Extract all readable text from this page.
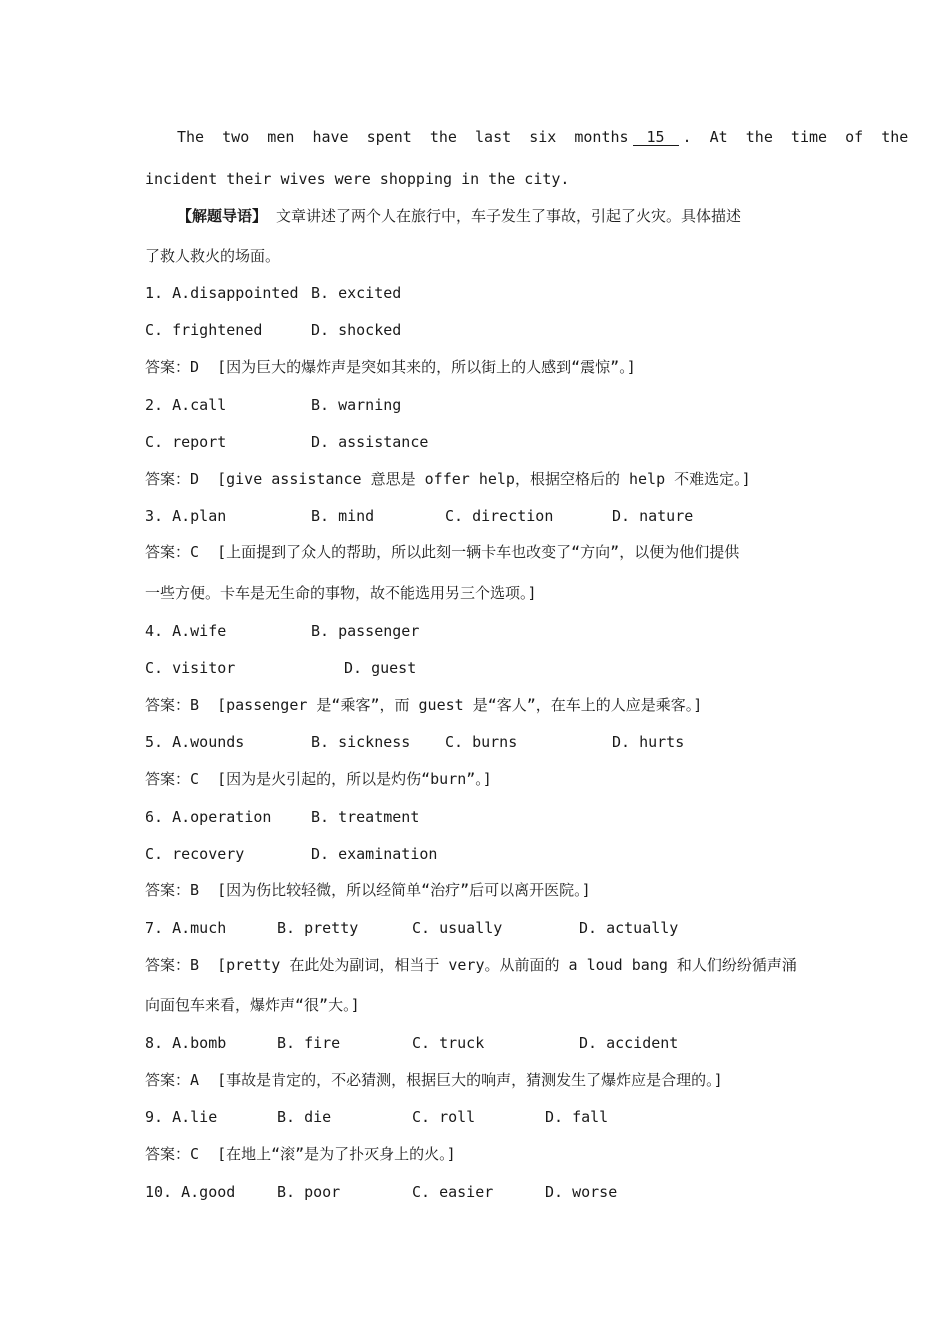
The  two  men  have  spent  the  last  six  months 15 .  At  the  time  of  the
incident their wives were shopping in the city.
【解题导语】 文章讲述了两个人在旅行中，车子发生了事故，引起了火灾。具体描述
了救人救火的场面。
1. A.disappointed B. excited
C. frightened	D. shocked
答案：D  [因为巨大的爆炸声是突如其来的，所以街上的人感到“震惊”。]
2. A.call	B. warning
C. report	D. assistance
答案：D  [give assistance 意思是 offer help，根据空格后的 help 不难选定。]
3. A.plan	B. mind	C. direction	D. nature
答案：C  [上面提到了众人的帮助，所以此刻一辆卡车也改变了“方向”，以便为他们提供
一些方便。卡车是无生命的事物，故不能选用另三个选项。]
4. A.wife	B. passenger
C. visitor	D. guest
答案：B  [passenger 是“乘客”，而 guest 是“客人”，在车上的人应是乘客。]
5. A.wounds	B. sickness C. burns	D. hurts
答案：C  [因为是火引起的，所以是灼伤“burn”。]
6. A.operation	B. treatment
C. recovery	D. examination
答案：B  [因为伤比较轻微，所以经简单“治疗”后可以离开医院。]
7. A.much	B. pretty	C. usually	D. actually
答案：B  [pretty 在此处为副词，相当于 very。从前面的 a loud bang 和人们纷纷循声涌
向面包车来看，爆炸声“很”大。]
8. A.bomb	B. fire	C. truck	D. accident
答案：A  [事故是肯定的，不必猜测，根据巨大的响声，猜测发生了爆炸应是合理的。]
9. A.lie	B. die	C. roll	D. fall
答案：C  [在地上“滚”是为了扑灭身上的火。]
10. A.good	B. poor	C. easier	D. worse
